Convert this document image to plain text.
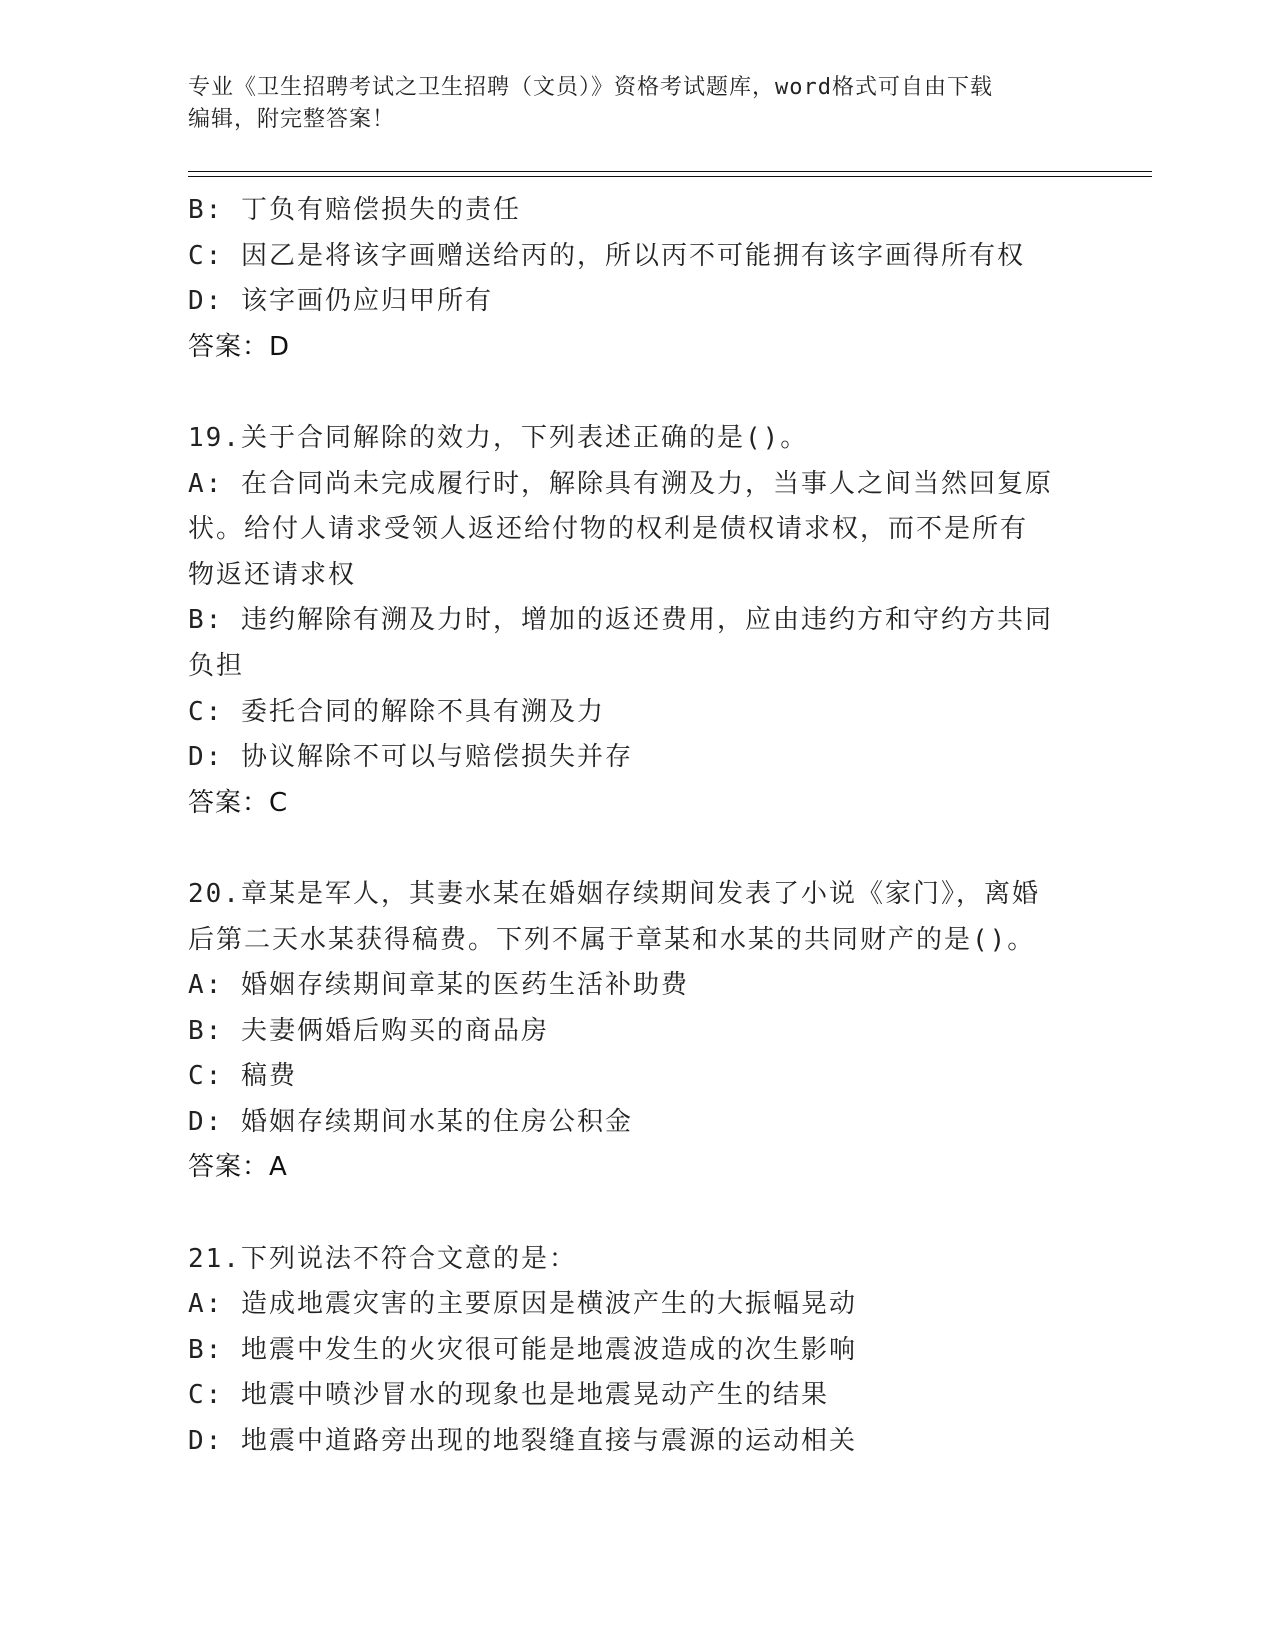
专业《卫生招聘考试之卫生招聘（文员）》资格考试题库，word格式可自由下载
编辑，附完整答案！
B: 丁负有赔偿损失的责任
C: 因乙是将该字画赠送给丙的，所以丙不可能拥有该字画得所有权
D: 该字画仍应归甲所有
答案：D
19.关于合同解除的效力，下列表述正确的是()。
A: 在合同尚未完成履行时，解除具有溯及力，当事人之间当然回复原
状。给付人请求受领人返还给付物的权利是债权请求权，而不是所有
物返还请求权
B: 违约解除有溯及力时，增加的返还费用，应由违约方和守约方共同
负担
C: 委托合同的解除不具有溯及力
D: 协议解除不可以与赔偿损失并存
答案：C
20.章某是军人，其妻水某在婚姻存续期间发表了小说《家门》，离婚
后第二天水某获得稿费。下列不属于章某和水某的共同财产的是()。
A: 婚姻存续期间章某的医药生活补助费
B: 夫妻俩婚后购买的商品房
C: 稿费
D: 婚姻存续期间水某的住房公积金
答案：A
21.下列说法不符合文意的是：
A: 造成地震灾害的主要原因是横波产生的大振幅晃动
B: 地震中发生的火灾很可能是地震波造成的次生影响
C: 地震中喷沙冒水的现象也是地震晃动产生的结果
D: 地震中道路旁出现的地裂缝直接与震源的运动相关
